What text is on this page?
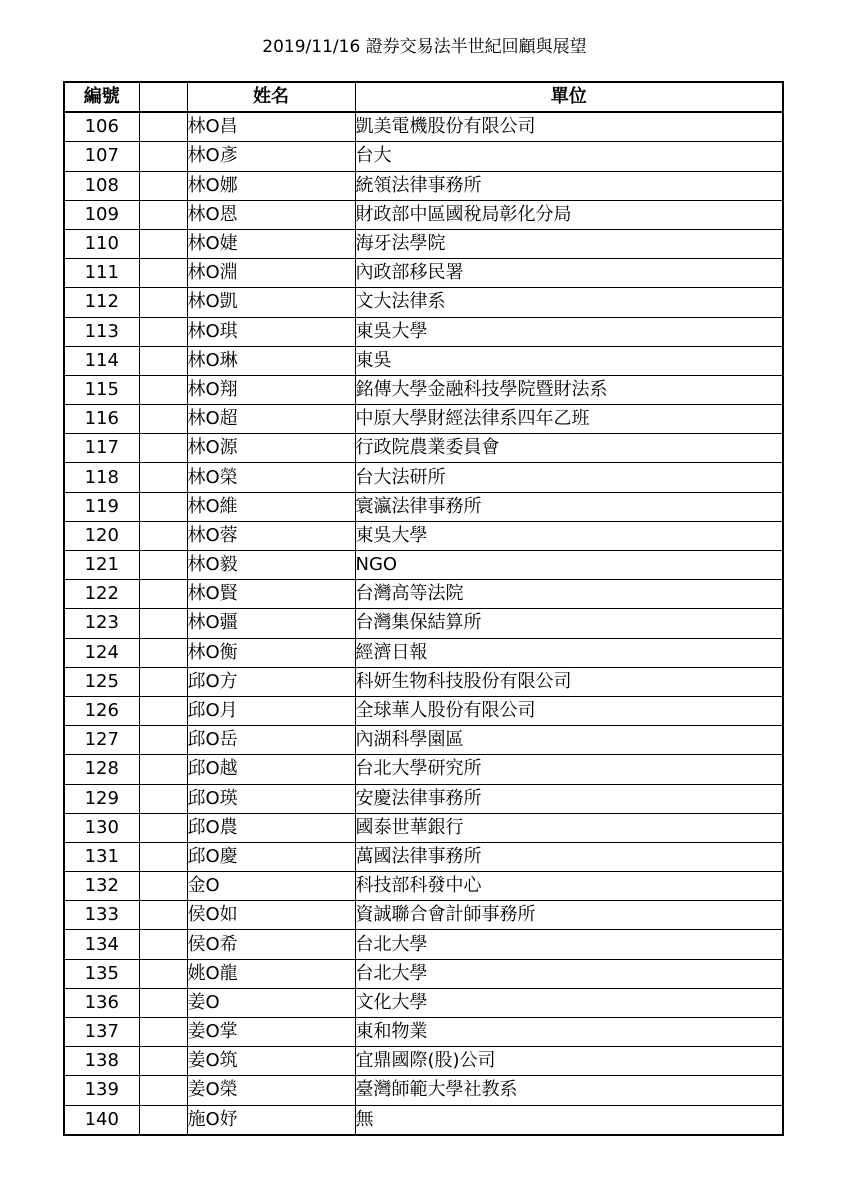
2019/11/16 證券交易法半世紀回顧與展望
編號		姓名	單位
106		林O昌	凱美電機股份有限公司
107		林O彥	台大
108		林O娜	統領法律事務所
109		林O恩	財政部中區國稅局彰化分局
110		林O婕	海牙法學院
111		林O淵	內政部移民署
112		林O凱	文大法律系
113		林O琪	東吳大學
114		林O琳	東吳
115		林O翔	銘傳大學金融科技學院暨財法系
116		林O超	中原大學財經法律系四年乙班
117		林O源	行政院農業委員會
118		林O榮	台大法研所
119		林O維	寰瀛法律事務所
120		林O蓉	東吳大學
121		林O毅	NGO
122		林O賢	台灣高等法院
123		林O疆	台灣集保結算所
124		林O衡	經濟日報
125		邱O方	科妍生物科技股份有限公司
126		邱O月	全球華人股份有限公司
127		邱O岳	內湖科學園區
128		邱O越	台北大學研究所
129		邱O瑛	安慶法律事務所
130		邱O農	國泰世華銀行
131		邱O慶	萬國法律事務所
132		金O	科技部科發中心
133		侯O如	資誠聯合會計師事務所
134		侯O希	台北大學
135		姚O龍	台北大學
136		姜O	文化大學
137		姜O掌	東和物業
138		姜O筑	宜鼎國際(股)公司
139		姜O榮	臺灣師範大學社教系
140		施O妤	無
